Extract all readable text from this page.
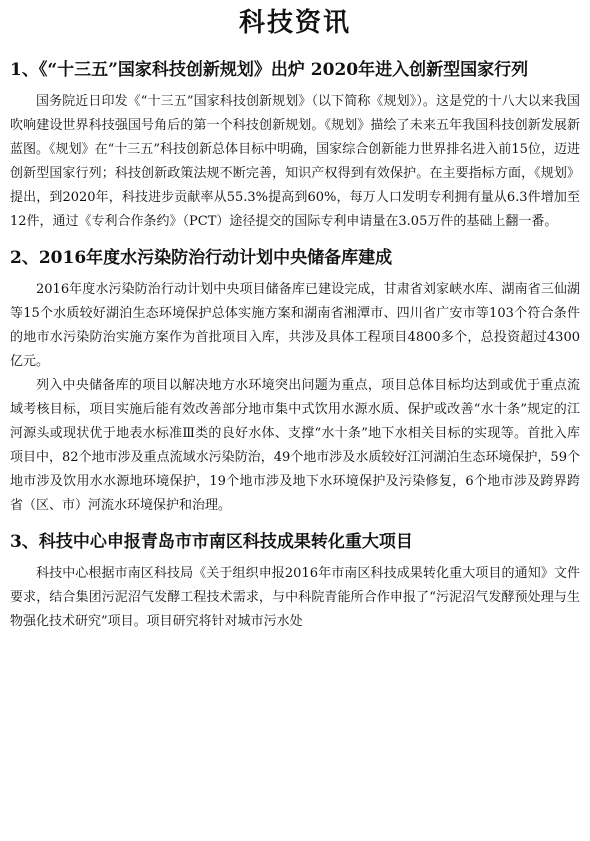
科技资讯
1、《“十三五”国家科技创新规划》出炉 2020年进入创新型国家行列

国务院近日印发《“十三五”国家科技创新规划》（以下简称《规划》）。这是党的十八大以来我国吹响建设世界科技强国号角后的第一个科技创新规划。《规划》描绘了未来五年我国科技创新发展新蓝图。《规划》在“十三五”科技创新总体目标中明确，国家综合创新能力世界排名进入前15位，迈进创新型国家行列；科技创新政策法规不断完善，知识产权得到有效保护。在主要指标方面，《规划》提出，到2020年，科技进步贡献率从55.3%提高到60%，每万人口发明专利拥有量从6.3件增加至12件，通过《专利合作条约》（PCT）途径提交的国际专利申请量在3.05万件的基础上翻一番。

2、2016年度水污染防治行动计划中央储备库建成

2016年度水污染防治行动计划中央项目储备库已建设完成，甘肃省刘家峡水库、湖南省三仙湖等15个水质较好湖泊生态环境保护总体实施方案和湖南省湘潭市、四川省广安市等103个符合条件的地市水污染防治实施方案作为首批项目入库，共涉及具体工程项目4800多个，总投资超过4300亿元。

列入中央储备库的项目以解决地方水环境突出问题为重点，项目总体目标均达到或优于重点流域考核目标，项目实施后能有效改善部分地市集中式饮用水源水质、保护或改善“水十条”规定的江河源头或现状优于地表水标准Ⅲ类的良好水体、支撑“水十条”地下水相关目标的实现等。首批入库项目中，82个地市涉及重点流域水污染防治，49个地市涉及水质较好江河湖泊生态环境保护，59个地市涉及饮用水水源地环境保护，19个地市涉及地下水环境保护及污染修复，6个地市涉及跨界跨省（区、市）河流水环境保护和治理。

3、科技中心申报青岛市市南区科技成果转化重大项目

科技中心根据市南区科技局《关于组织申报2016年市南区科技成果转化重大项目的通知》文件要求，结合集团污泥沼气发酵工程技术需求，与中科院青能所合作申报了“污泥沼气发酵预处理与生物强化技术研究”项目。项目研究将针对城市污水处
